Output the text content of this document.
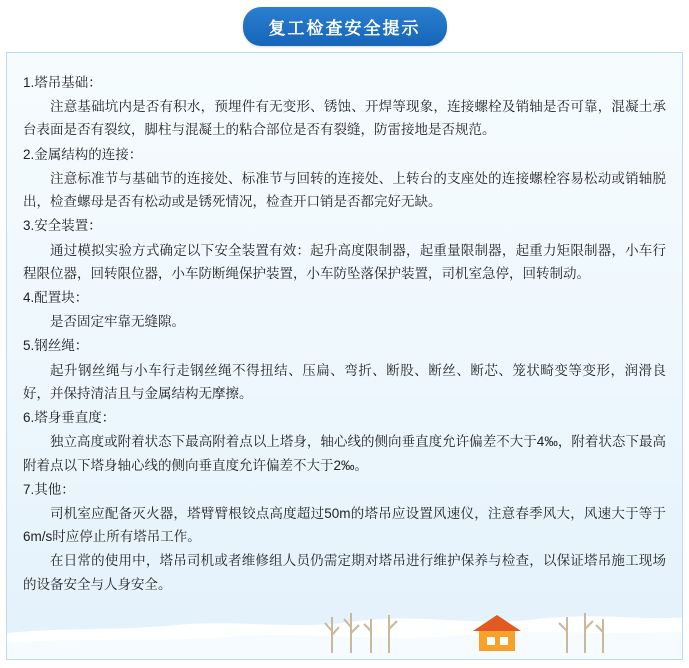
复工检查安全提示

1.塔吊基础：

注意基础坑内是否有积水，预埋件有无变形、锈蚀、开焊等现象，连接螺栓及销轴是否可靠，混凝土承台表面是否有裂纹，脚柱与混凝土的粘合部位是否有裂缝，防雷接地是否规范。

2.金属结构的连接：

注意标准节与基础节的连接处、标准节与回转的连接处、上转台的支座处的连接螺栓容易松动或销轴脱出，检查螺母是否有松动或是锈死情况，检查开口销是否都完好无缺。

3.安全装置：

通过模拟实验方式确定以下安全装置有效：起升高度限制器，起重量限制器，起重力矩限制器，小车行程限位器，回转限位器，小车防断绳保护装置，小车防坠落保护装置，司机室急停，回转制动。

4.配置块：

是否固定牢靠无缝隙。

5.钢丝绳：

起升钢丝绳与小车行走钢丝绳不得扭结、压扁、弯折、断股、断丝、断芯、笼状畸变等变形，润滑良好，并保持清洁且与金属结构无摩擦。

6.塔身垂直度：

独立高度或附着状态下最高附着点以上塔身，轴心线的侧向垂直度允许偏差不大于4‰，附着状态下最高附着点以下塔身轴心线的侧向垂直度允许偏差不大于2‰。

7.其他：

司机室应配备灭火器，塔臂臂根铰点高度超过50m的塔吊应设置风速仪，注意春季风大，风速大于等于6m/s时应停止所有塔吊工作。

在日常的使用中，塔吊司机或者维修组人员仍需定期对塔吊进行维护保养与检查，以保证塔吊施工现场的设备安全与人身安全。
